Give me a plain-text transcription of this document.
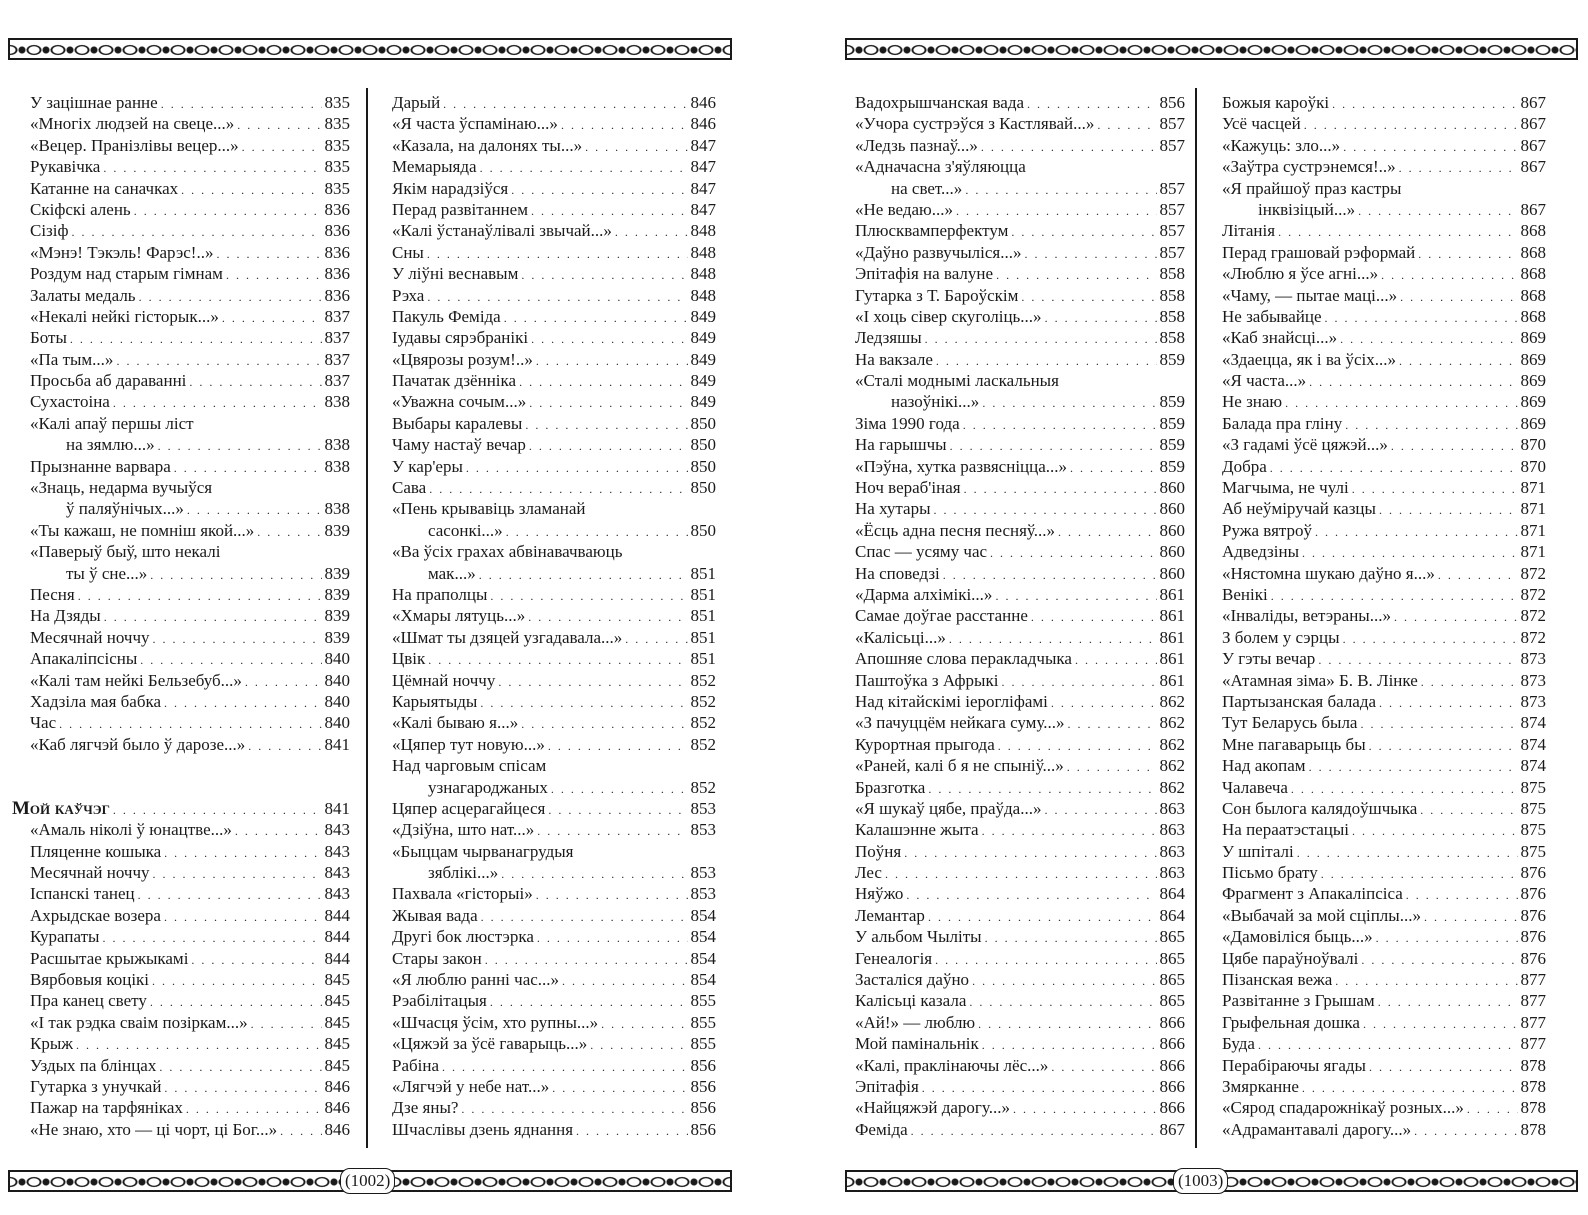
У зацішнае ранне . . .	835
«Многіх людзей на свеце...» . . .	835
«Вецер. Пранізлівы вецер...» . . .	835
Рукавічка . . .	835
Катанне на саначках . . .	835
Скіфскі алень . . .	836
Сізіф . . .	836
«Мэнэ! Тэкэль! Фарэс!..» . . .	836
Роздум над старым гімнам . . .	836
Залаты медаль . . .	836
«Некалі нейкі гісторык...» . . .	837
Боты . . .	837
«Па тым...» . . .	837
Просьба аб дараванні . . .	837
Сухастоіна . . .	838
«Калі апаў першы ліст
на зямлю...» . . .	838
Прызнанне варвара . . .	838
«Знаць, недарма вучыўся
ў паляўнічых...» . . .	838
«Ты кажаш, не помніш якой...» . . .	839
«Паверыў быў, што некалі
ты ў сне...» . . .	839
Песня . . .	839
На Дзяды . . .	839
Месячнай ноччу . . .	839
Апакаліпсісны . . .	840
«Калі там нейкі Бельзебуб...» . . .	840
Хадзіла мая бабка . . .	840
Час . . .	840
«Каб лягчэй было ў дарозе...» . . .	841
Мой каўчэг . . .	841
«Амаль ніколі ў юнацтве...» . . .	843
Пляценне кошыка . . .	843
Месячнай ноччу . . .	843
Іспанскі танец . . .	843
Ахрыдскае возера . . .	844
Курапаты . . .	844
Расшытае крыжыкамі . . .	844
Вярбовыя коцікі . . .	845
Пра канец свету . . .	845
«І так рэдка сваім позіркам...» . . .	845
Крыж . . .	845
Уздых па блінцах . . .	845
Гутарка з унучкай . . .	846
Пажар на тарфяніках . . .	846
«Не знаю, хто — ці чорт, ці Бог...» . . .	846
Дарый . . .	846
«Я часта ўспамінаю...» . . .	846
«Казала, на далонях ты...» . . .	847
Мемарыяда . . .	847
Якім нарадзіўся . . .	847
Перад развітаннем . . .	847
«Калі ўстанаўлівалі звычай...» . . .	848
Сны . . .	848
У ліўні веснавым . . .	848
Рэха . . .	848
Пакуль Феміда . . .	849
Іудавы сярэбранікі . . .	849
«Цвярозы розум!..» . . .	849
Пачатак дзённіка . . .	849
«Уважна сочым...» . . .	849
Выбары каралевы . . .	850
Чаму настаў вечар . . .	850
У кар'еры . . .	850
Сава . . .	850
«Пень крывавіць зламанай
сасонкі...» . . .	850
«Ва ўсіх грахах абвінавачваюць
мак...» . . .	851
На праполцы . . .	851
«Хмары лятуць...» . . .	851
«Шмат ты дзяцей узгадавала...» . . .	851
Цвік . . .	851
Цёмнай ноччу . . .	852
Карыятыды . . .	852
«Калі бываю я...» . . .	852
«Цяпер тут новую...» . . .	852
Над чарговым спісам
узнагароджаных . . .	852
Цяпер асцерагайцеся . . .	853
«Дзіўна, што нат...» . . .	853
«Быццам чырванагрудыя
зяблікі...» . . .	853
Пахвала «гісторыі» . . .	853
Жывая вада . . .	854
Другі бок люстэрка . . .	854
Стары закон . . .	854
«Я люблю ранні час...» . . .	854
Рэабілітацыя . . .	855
«Шчасця ўсім, хто рупны...» . . .	855
«Цяжэй за ўсё гаварыць...» . . .	855
Рабіна . . .	856
«Лягчэй у небе нат...» . . .	856
Дзе яны? . . .	856
Шчаслівы дзень яднання . . .	856
(1002)
Вадохрышчанская вада . . .	856
«Учора сустрэўся з Кастлявай...» . . .	857
«Ледзь пазнаў...» . . .	857
«Адначасна з'яўляюцца
на свет...» . . .	857
«Не ведаю...» . . .	857
Плюсквамперфектум . . .	857
«Даўно развучыліся...» . . .	857
Эпітафія на валуне . . .	858
Гутарка з Т. Бароўскім . . .	858
«І хоць сівер скуголіць...» . . .	858
Ледзяшы . . .	858
На вакзале . . .	859
«Сталі моднымі ласкальныя
назоўнікі...» . . .	859
Зіма 1990 года . . .	859
На гарышчы . . .	859
«Пэўна, хутка развясніцца...» . . .	859
Ноч вераб'іная . . .	860
На хутары . . .	860
«Ёсць адна песня песняў...» . . .	860
Спас — усяму час . . .	860
На споведзі . . .	860
«Дарма алхімікі...» . . .	861
Самае доўгае расстанне . . .	861
«Калісьці...» . . .	861
Апошняе слова перакладчыка . . .	861
Паштоўка з Афрыкі . . .	861
Над кітайскімі іерогліфамі . . .	862
«З пачуццём нейкага суму...» . . .	862
Курортная прыгода . . .	862
«Раней, калі б я не спыніў...» . . .	862
Бразготка . . .	862
«Я шукаў цябе, праўда...» . . .	863
Калашэнне жыта . . .	863
Поўня . . .	863
Лес . . .	863
Няўжо . . .	864
Лемантар . . .	864
У альбом Чыліты . . .	865
Генеалогія . . .	865
Засталіся даўно . . .	865
Калісьці казала . . .	865
«Ай!» — люблю . . .	866
Мой памінальнік . . .	866
«Калі, праклінаючы лёс...» . . .	866
Эпітафія . . .	866
«Найцяжэй дарогу...» . . .	866
Феміда . . .	867
Божыя кароўкі . . .	867
Усё часцей . . .	867
«Кажуць: зло...» . . .	867
«Заўтра сустрэнемся!..» . . .	867
«Я прайшоў праз кастры
інквізіцый...» . . .	867
Літанія . . .	868
Перад грашовай рэформай . . .	868
«Люблю я ўсе агні...» . . .	868
«Чаму, — пытае маці...» . . .	868
Не забывайце . . .	868
«Каб знайсці...» . . .	869
«Здаецца, як і ва ўсіх...» . . .	869
«Я часта...» . . .	869
Не знаю . . .	869
Балада пра гліну . . .	869
«З гадамі ўсё цяжэй...» . . .	870
Добра . . .	870
Магчыма, не чулі . . .	871
Аб неўміручай казцы . . .	871
Ружа вятроў . . .	871
Адведзіны . . .	871
«Нястомна шукаю даўно я...» . . .	872
Венікі . . .	872
«Інваліды, ветэраны...» . . .	872
З болем у сэрцы . . .	872
У гэты вечар . . .	873
«Атамная зіма» Б. В. Лінке . . .	873
Партызанская балада . . .	873
Тут Беларусь была . . .	874
Мне пагаварыць бы . . .	874
Над акопам . . .	874
Чалавеча . . .	875
Сон былога калядоўшчыка . . .	875
На пераатэстацыі . . .	875
У шпіталі . . .	875
Пісьмо брату . . .	876
Фрагмент з Апакаліпсіса . . .	876
«Выбачай за мой сціплы...» . . .	876
«Дамовіліся быць...» . . .	876
Цябе параўноўвалі . . .	876
Пізанская вежа . . .	877
Развітанне з Грышам . . .	877
Грыфельная дошка . . .	877
Буда . . .	877
Перабіраючы ягады . . .	878
Змярканне . . .	878
«Сярод спадарожнікаў розных...» . . .	878
«Адрамантавалі дарогу...» . . .	878
(1003)
